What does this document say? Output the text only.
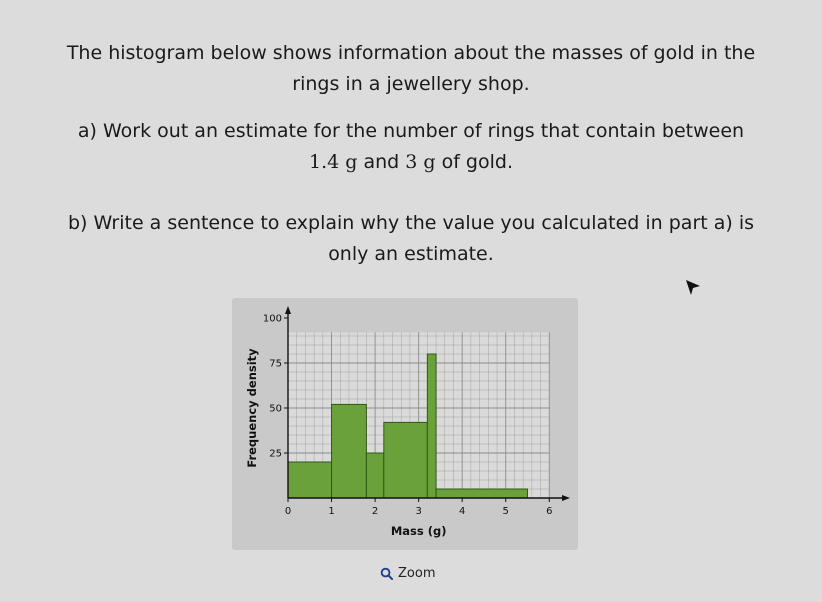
The histogram below shows information about the masses of gold in the
rings in a jewellery shop.

a) Work out an estimate for the number of rings that contain between
1.4 g and 3 g of gold.

b) Write a sentence to explain why the value you calculated in part a) is
only an estimate.

0	1	2	3	4	5	6
25
50
75
100
Mass (g)
Frequency density
Zoom
